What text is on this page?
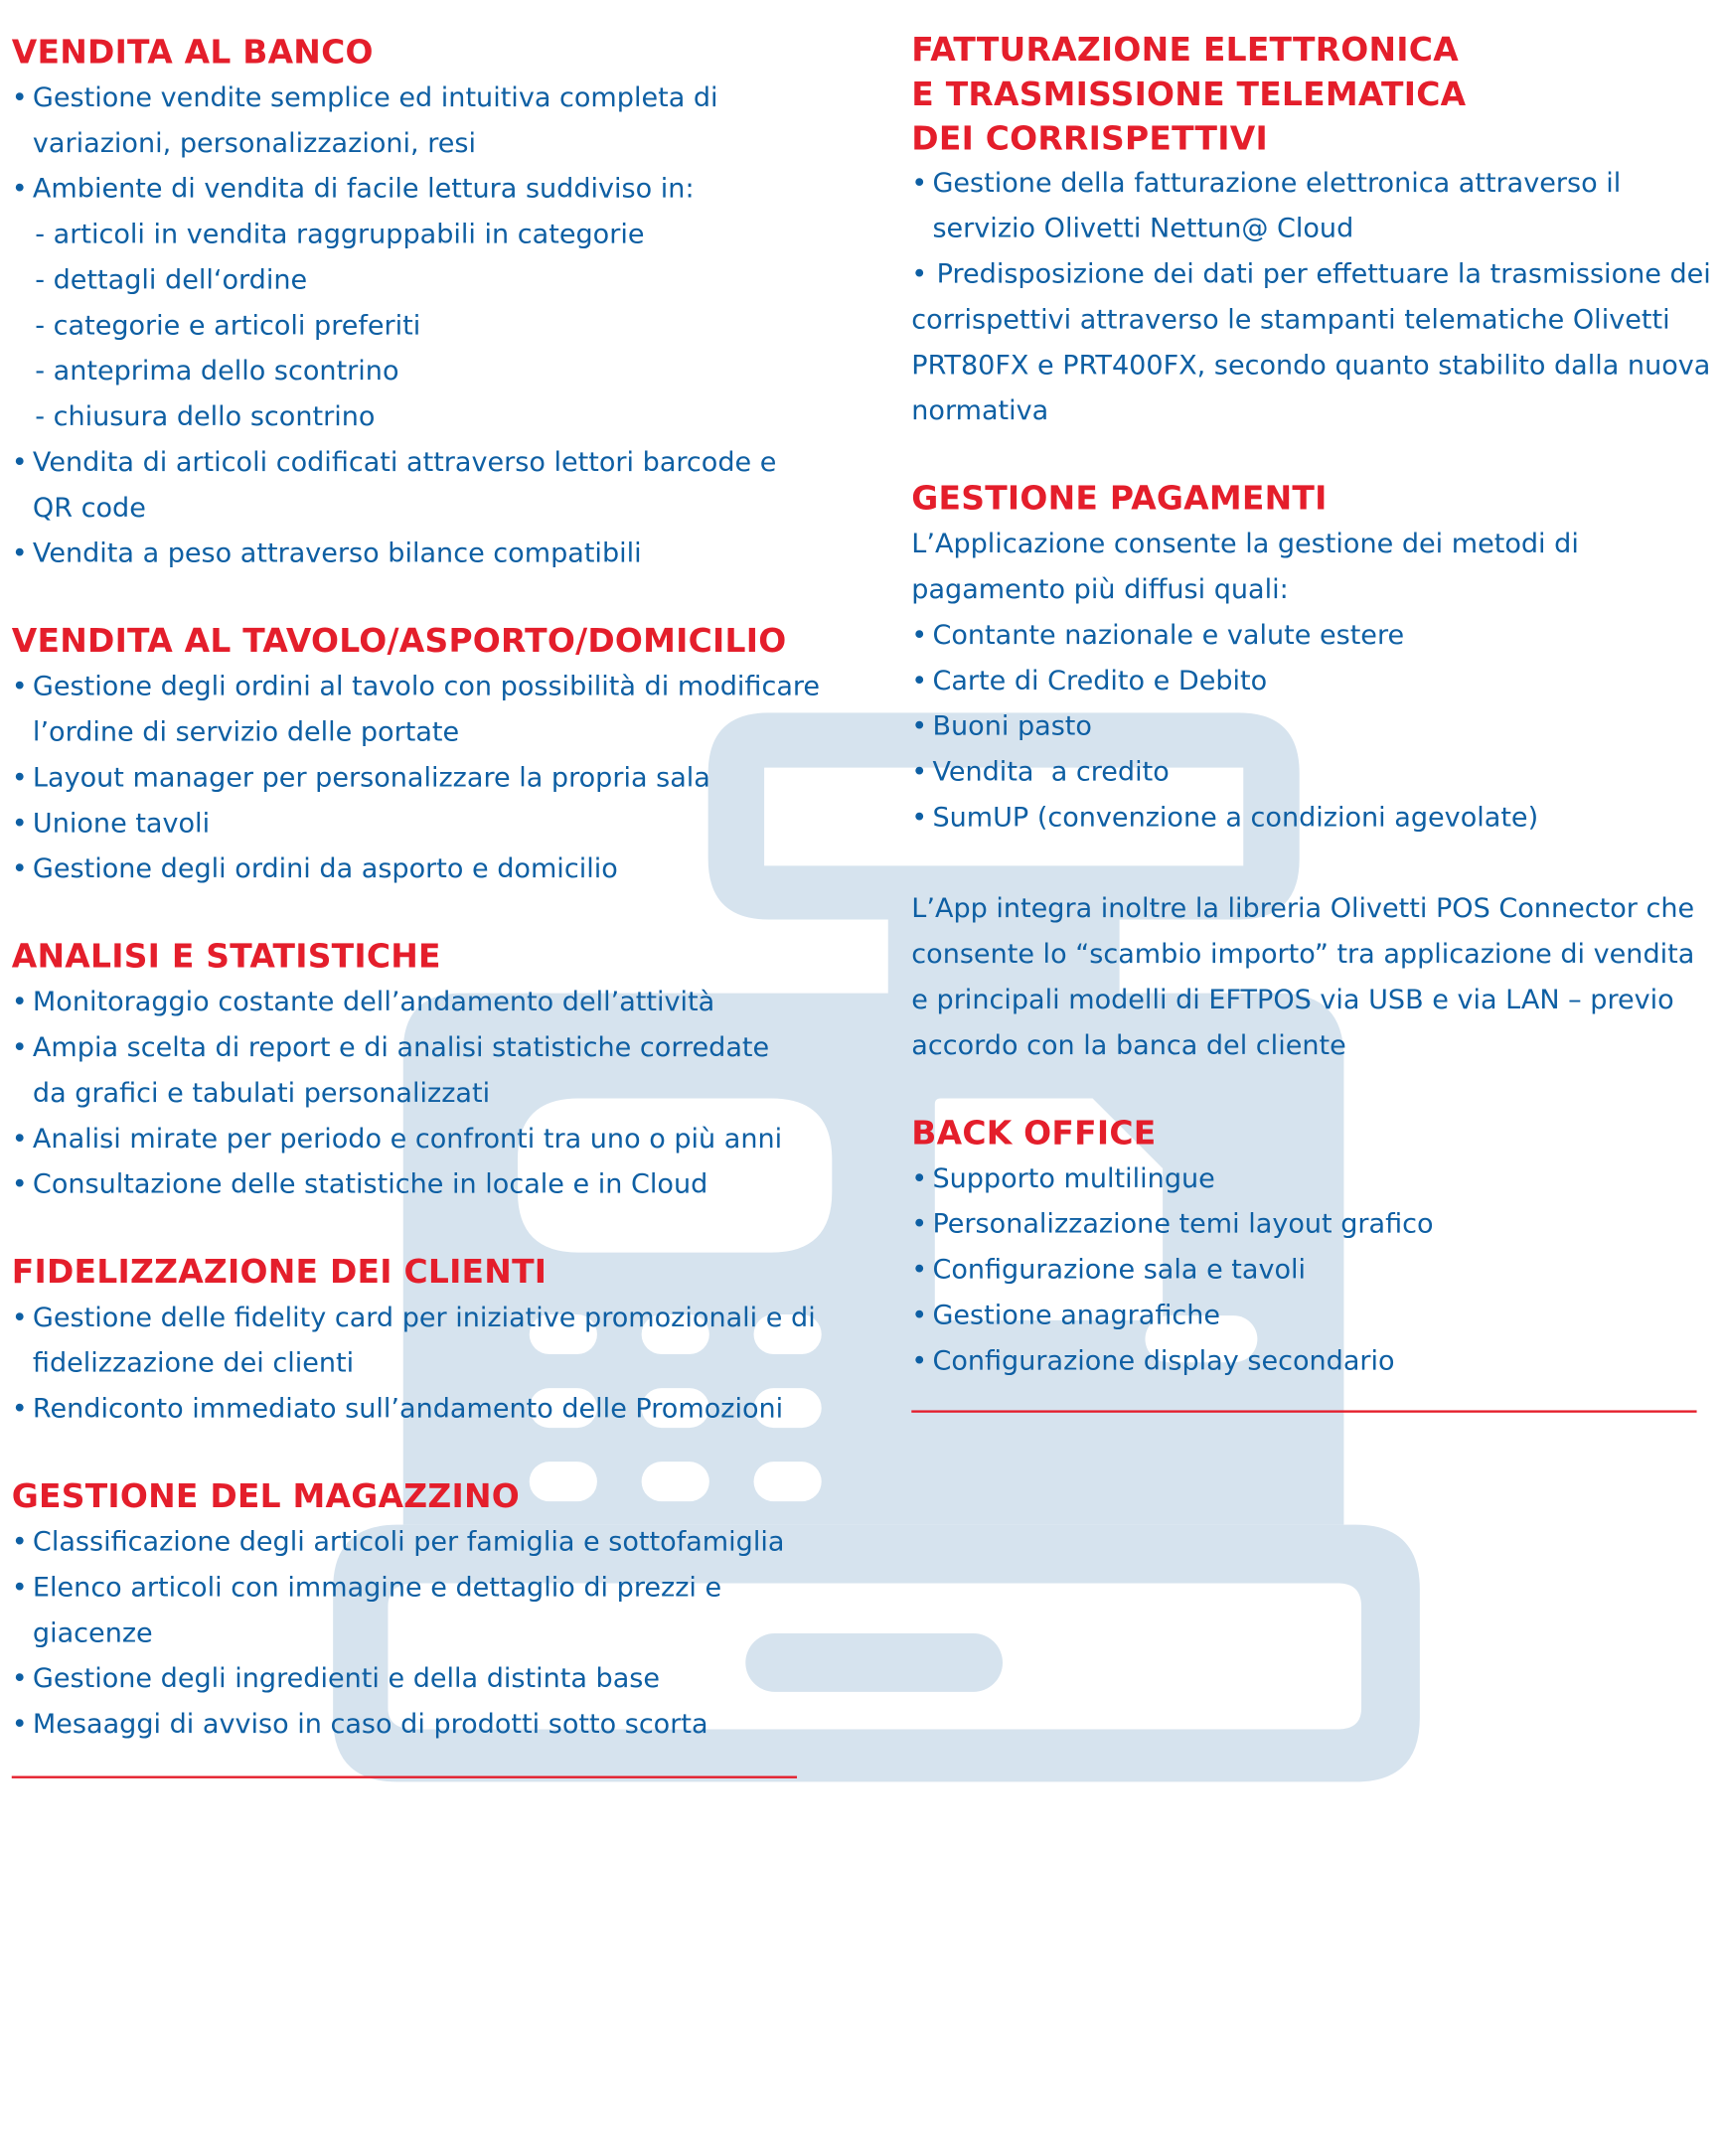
VENDITA AL BANCO
• Gestione vendite semplice ed intuitiva completa di variazioni, personalizzazioni, resi
• Ambiente di vendita di facile lettura suddiviso in:
- articoli in vendita raggruppabili in categorie
- dettagli dell‘ordine
- categorie e articoli preferiti
- anteprima dello scontrino
- chiusura dello scontrino
• Vendita di articoli codificati attraverso lettori barcode e QR code
• Vendita a peso attraverso bilance compatibili
VENDITA AL TAVOLO/ASPORTO/DOMICILIO
• Gestione degli ordini al tavolo con possibilità di modificare l’ordine di servizio delle portate
• Layout manager per personalizzare la propria sala
• Unione tavoli
• Gestione degli ordini da asporto e domicilio
ANALISI E STATISTICHE
• Monitoraggio costante dell’andamento dell’attività
• Ampia scelta di report e di analisi statistiche corredate da grafici e tabulati personalizzati
• Analisi mirate per periodo e confronti tra uno o più anni
• Consultazione delle statistiche in locale e in Cloud
FIDELIZZAZIONE DEI CLIENTI
• Gestione delle fidelity card per iniziative promozionali e di fidelizzazione dei clienti
• Rendiconto immediato sull’andamento delle Promozioni
GESTIONE DEL MAGAZZINO
• Classificazione degli articoli per famiglia e sottofamiglia
• Elenco articoli con immagine e dettaglio di prezzi e giacenze
• Gestione degli ingredienti e della distinta base
• Mesaaggi di avviso in caso di prodotti sotto scorta
FATTURAZIONE ELETTRONICA
E TRASMISSIONE TELEMATICA
DEI CORRISPETTIVI
• Gestione della fatturazione elettronica attraverso il servizio Olivetti Nettun@ Cloud
• Predisposizione dei dati per effettuare la trasmissione dei corrispettivi attraverso le stampanti telematiche Olivetti PRT80FX e PRT400FX, secondo quanto stabilito dalla nuova normativa
GESTIONE PAGAMENTI

L’Applicazione consente la gestione dei metodi di pagamento più diffusi quali:

• Contante nazionale e valute estere
• Carte di Credito e Debito
• Buoni pasto
• Vendita  a credito
• SumUP (convenzione a condizioni agevolate)

L’App integra inoltre la libreria Olivetti POS Connector che consente lo “scambio importo” tra applicazione di vendita e principali modelli di EFTPOS via USB e via LAN – previo accordo con la banca del cliente

BACK OFFICE
• Supporto multilingue
• Personalizzazione temi layout grafico
• Configurazione sala e tavoli
• Gestione anagrafiche
• Configurazione display secondario
